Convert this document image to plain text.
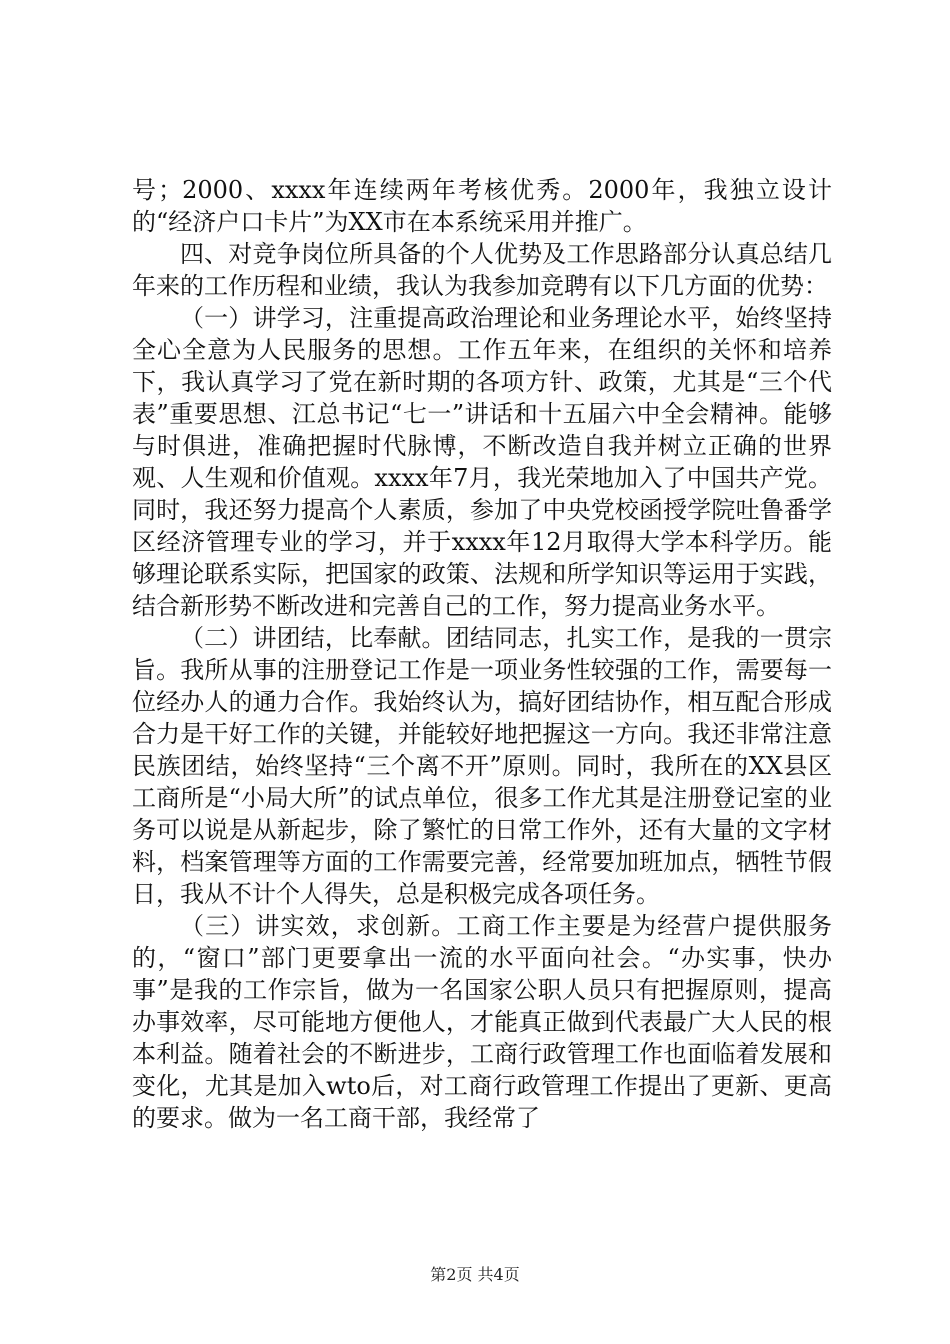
号；2000、xxxx年连续两年考核优秀。2000年，我独立设计的“经济户口卡片”为XX市在本系统采用并推广。

四、对竞争岗位所具备的个人优势及工作思路部分认真总结几年来的工作历程和业绩，我认为我参加竞聘有以下几方面的优势：

（一）讲学习，注重提高政治理论和业务理论水平，始终坚持全心全意为人民服务的思想。工作五年来，在组织的关怀和培养下，我认真学习了党在新时期的各项方针、政策，尤其是“三个代表”重要思想、江总书记“七一”讲话和十五届六中全会精神。能够与时俱进，准确把握时代脉博，不断改造自我并树立正确的世界观、人生观和价值观。xxxx年7月，我光荣地加入了中国共产党。同时，我还努力提高个人素质，参加了中央党校函授学院吐鲁番学区经济管理专业的学习，并于xxxx年12月取得大学本科学历。能够理论联系实际，把国家的政策、法规和所学知识等运用于实践，结合新形势不断改进和完善自己的工作，努力提高业务水平。

（二）讲团结，比奉献。团结同志，扎实工作，是我的一贯宗旨。我所从事的注册登记工作是一项业务性较强的工作，需要每一位经办人的通力合作。我始终认为，搞好团结协作，相互配合形成合力是干好工作的关键，并能较好地把握这一方向。我还非常注意民族团结，始终坚持“三个离不开”原则。同时，我所在的XX县区工商所是“小局大所”的试点单位，很多工作尤其是注册登记室的业务可以说是从新起步，除了繁忙的日常工作外，还有大量的文字材料，档案管理等方面的工作需要完善，经常要加班加点，牺牲节假日，我从不计个人得失，总是积极完成各项任务。

（三）讲实效，求创新。工商工作主要是为经营户提供服务的，“窗口”部门更要拿出一流的水平面向社会。“办实事，快办事”是我的工作宗旨，做为一名国家公职人员只有把握原则，提高办事效率，尽可能地方便他人，才能真正做到代表最广大人民的根本利益。随着社会的不断进步，工商行政管理工作也面临着发展和变化，尤其是加入wto后，对工商行政管理工作提出了更新、更高的要求。做为一名工商干部，我经常了

第2页 共4页
